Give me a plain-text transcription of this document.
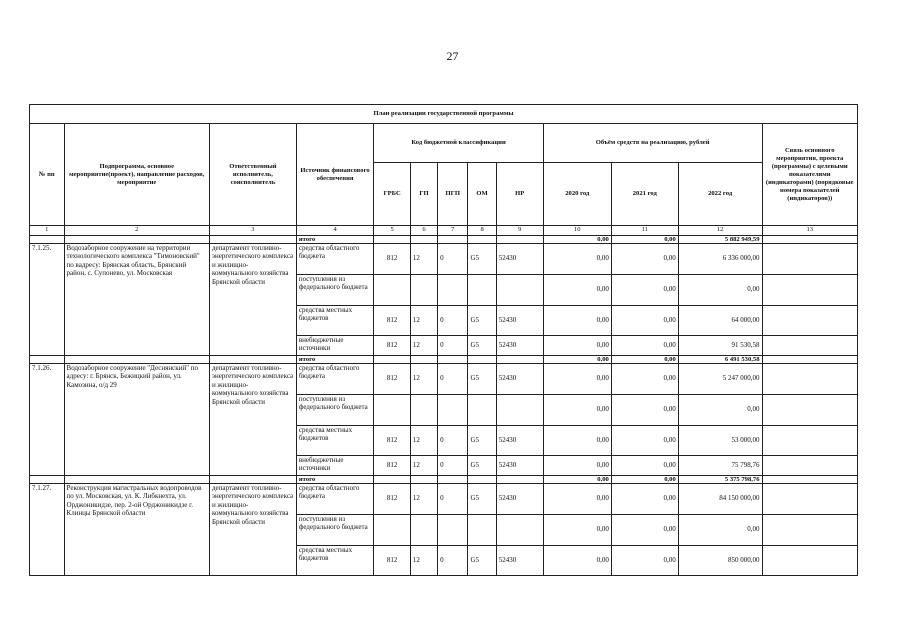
27
План реализации государственной программы												
№ пп	Подпрограмма, основное мероприятие(проект), направление расходов, мероприятие	Ответственный исполнитель, соисполнитель	Источник финансового обеспечения	Код бюджетной классификации					Объём средств на реализацию, рублей			Связь основного мероприятия, проекта (программы) с целевыми показателями (индикаторами) (порядковые номера показателей (индикаторов))
				ГРБС	ГП	ПГП	ОМ	НР	2020 год	2021 год	2022 год	
1	2	3	4	5	6	7	8	9	10	11	12	13
			итого						0,00	0,00	5 882 949,59	
7.1.25.	Водозаборное сооружение на территории технологического комплекса "Тимоновский" по вадресу: Брянская область, Брянский район, с. Супонево, ул. Московская	департамент топливно-энергетического комплекса и жилищно-коммунального хозяйства Брянской области	средства областного бюджета	812	12	0	G5	52430	0,00	0,00	6 336 000,00	
			поступления из федерального бюджета						0,00	0,00	0,00	
			средства местных бюджетов	812	12	0	G5	52430	0,00	0,00	64 000,00	
			внебюджетные источники	812	12	0	G5	52430	0,00	0,00	91 530,58	
			итого						0,00	0,00	6 491 530,58	
7.1.26.	Водозаборное сооружение "Деснянский" по адресу: г. Брянск, Бежицкий район, ул. Камозина, о/д 29	департамент топливно-энергетического комплекса и жилищно-коммунального хозяйства Брянской области	средства областного бюджета	812	12	0	G5	52430	0,00	0,00	5 247 000,00	
			поступления из федерального бюджета						0,00	0,00	0,00	
			средства местных бюджетов	812	12	0	G5	52430	0,00	0,00	53 000,00	
			внебюджетные источники	812	12	0	G5	52430	0,00	0,00	75 798,76	
			итого						0,00	0,00	5 375 798,76	
7.1.27.	Реконструкция магистральных водопроводов по ул. Московская, ул. К. Либкнехта, ул. Орджоникидзе, пер. 2-ой Орджоникидзе г. Клинцы Брянской области	департамент топливно-энергетического комплекса и жилищно-коммунального хозяйства Брянской области	средства областного бюджета	812	12	0	G5	52430	0,00	0,00	84 150 000,00	
			поступления из федерального бюджета						0,00	0,00	0,00	
			средства местных бюджетов	812	12	0	G5	52430	0,00	0,00	850 000,00	
